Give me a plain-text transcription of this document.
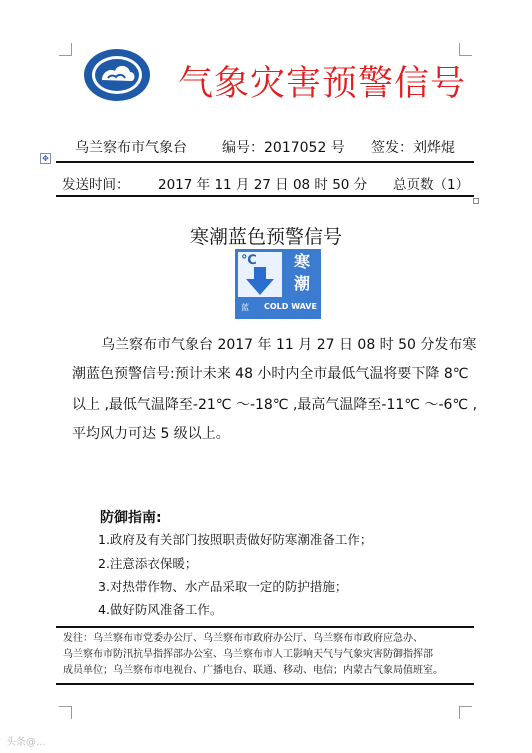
气象灾害预警信号
乌兰察布市气象台	编号：2017052 号 签发：刘烨焜
✥
发送时间： 2017 年 11 月 27 日 08 时 50 分 总页数（1）
寒潮蓝色预警信号
℃	寒
潮
蓝 COLD WAVE
乌兰察布市气象台 2017 年 11 月 27 日 08 时 50 分发布寒
潮蓝色预警信号:预计未来 48 小时内全市最低气温将要下降 8℃
以上 ,最低气温降至-21℃ ～-18℃ ,最高气温降至-11℃ ～-6℃ ,
平均风力可达 5 级以上。
防御指南:
1.政府及有关部门按照职责做好防寒潮准备工作；
2.注意添衣保暖；
3.对热带作物、水产品采取一定的防护措施；
4.做好防风准备工作。
发往：乌兰察布市党委办公厅、乌兰察布市政府办公厅、乌兰察布市政府应急办、
乌兰察布市防汛抗旱指挥部办公室、乌兰察布市人工影响天气与气象灾害防御指挥部
成员单位；乌兰察布市电视台、广播电台、联通、移动、电信；内蒙古气象局值班室。
头条@...
